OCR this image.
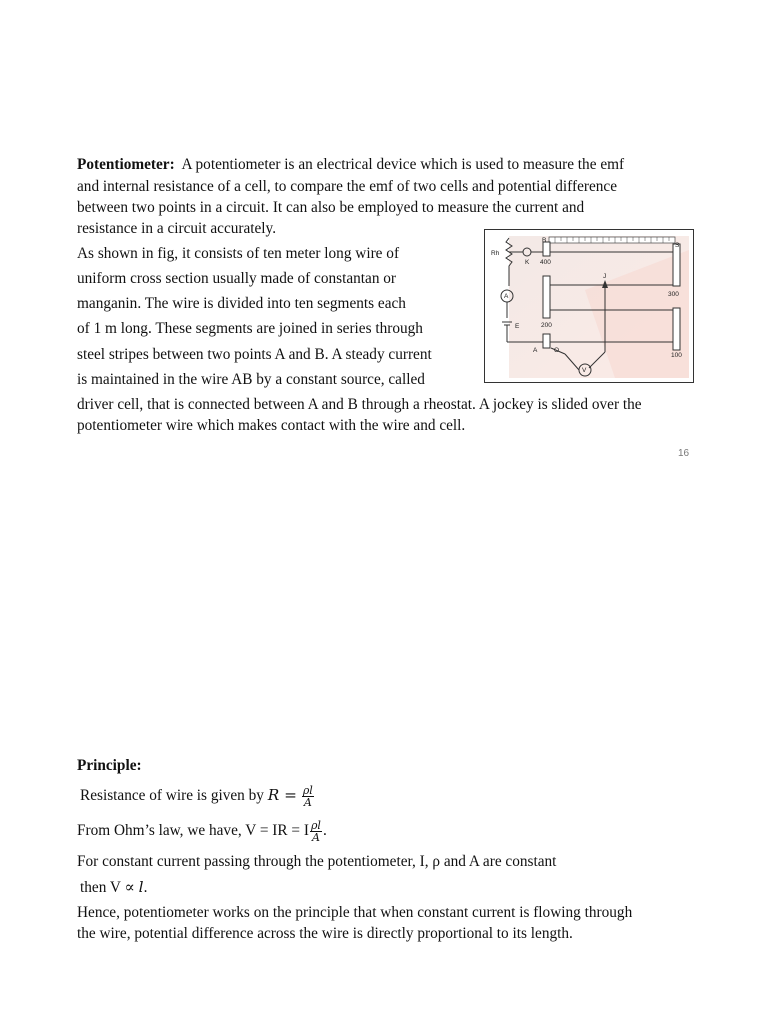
Potentiometer: A potentiometer is an electrical device which is used to measure the emf
and internal resistance of a cell, to compare the emf of two cells and potential difference
between two points in a circuit. It can also be employed to measure the current and
resistance in a circuit accurately.
As shown in fig, it consists of ten meter long wire of
uniform cross section usually made of constantan or
manganin. The wire is divided into ten segments each
of 1 m long. These segments are joined in series through
steel stripes between two points A and B. A steady current
is maintained in the wire AB by a constant source, called
driver cell, that is connected between A and B through a rheostat. A jockey is slided over the
potentiometer wire which makes contact with the wire and cell.
B
S
Rh
K 400
300
J
A
E	200
A	O
V
100
16
Principle:
Resistance of wire is given by $R = \frac{\rho l}{A}$
From Ohm’s law, we have, V = IR = I $\frac{\rho l}{A}$ .
For constant current passing through the potentiometer, I, ρ and A are constant
then V ∝ l.
Hence, potentiometer works on the principle that when constant current is flowing through
the wire, potential difference across the wire is directly proportional to its length.
